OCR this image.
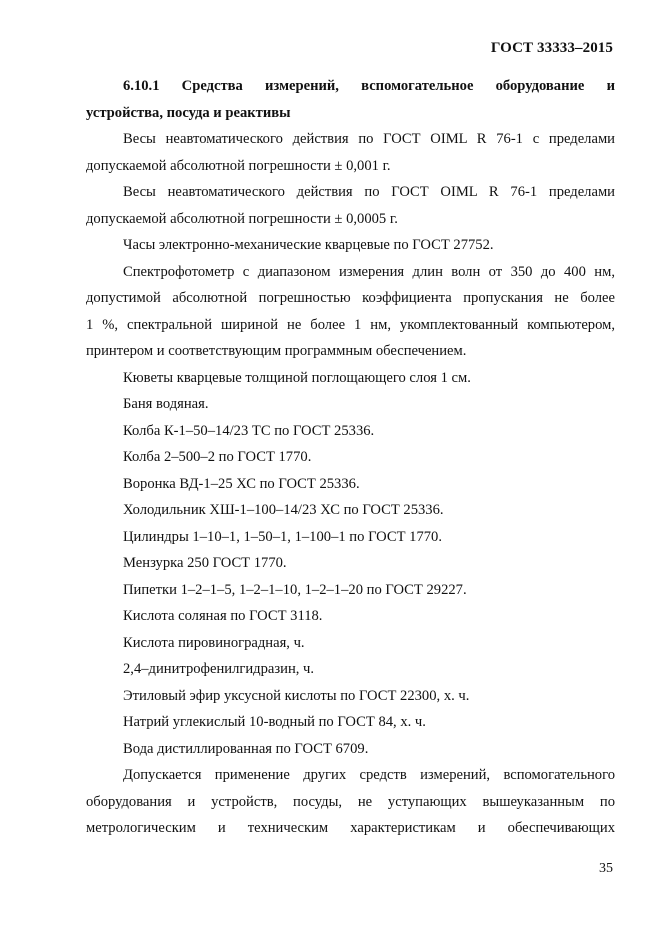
ГОСТ 33333–2015
6.10.1 Средства измерений, вспомогательное оборудование и
устройства, посуда и реактивы
Весы неавтоматического действия по ГОСТ OIML R 76-1 с пределами
допускаемой абсолютной погрешности ± 0,001 г.
Весы неавтоматического действия по ГОСТ OIML R 76-1 пределами
допускаемой абсолютной погрешности ± 0,0005 г.
Часы электронно-механические кварцевые по ГОСТ 27752.
Спектрофотометр с диапазоном измерения длин волн от 350 до 400 нм,
допустимой абсолютной погрешностью коэффициента пропускания не более
1 %, спектральной шириной не более 1 нм, укомплектованный компьютером,
принтером и соответствующим программным обеспечением.
Кюветы кварцевые толщиной поглощающего слоя 1 см.
Баня водяная.
Колба К-1–50–14/23 ТС по ГОСТ 25336.
Колба 2–500–2 по ГОСТ 1770.
Воронка ВД-1–25 ХС по ГОСТ 25336.
Холодильник ХШ-1–100–14/23 ХС по ГОСТ 25336.
Цилиндры 1–10–1, 1–50–1, 1–100–1 по ГОСТ 1770.
Мензурка 250 ГОСТ 1770.
Пипетки 1–2–1–5, 1–2–1–10, 1–2–1–20 по ГОСТ 29227.
Кислота соляная по ГОСТ 3118.
Кислота пировиноградная, ч.
2,4–динитрофенилгидразин, ч.
Этиловый эфир уксусной кислоты по ГОСТ 22300, х. ч.
Натрий углекислый 10-водный по ГОСТ 84, х. ч.
Вода дистиллированная по ГОСТ 6709.
Допускается применение других средств измерений, вспомогательного
оборудования и устройств, посуды, не уступающих вышеуказанным по
метрологическим и техническим характеристикам и обеспечивающих
35
